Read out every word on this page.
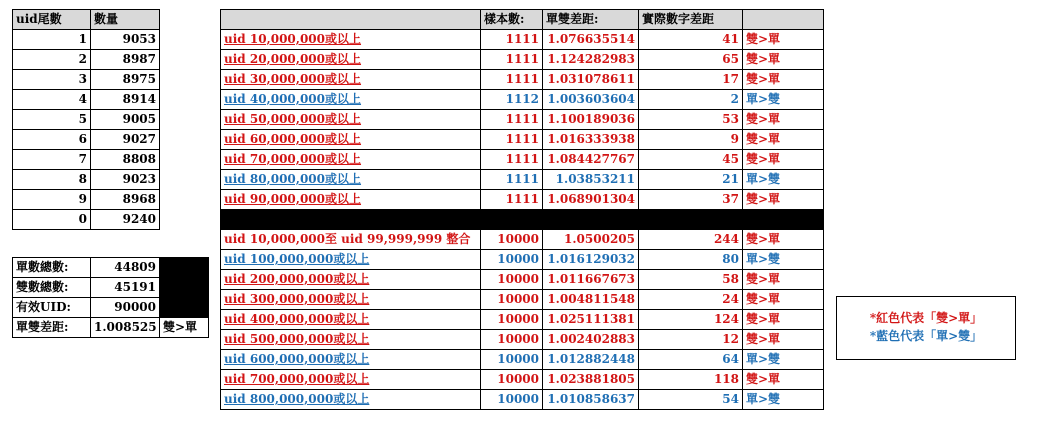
uid尾數	數量
1	9053
2	8987
3	8975
4	8914
5	9005
6	9027
7	8808
8	9023
9	8968
0	9240
單數總數:	44809	
雙數總數:	45191	
有效UID:	90000	
單雙差距:	1.008525	雙>單
	樣本數:	單雙差距:	實際數字差距	
uid 10,000,000或以上	1111	1.076635514	41	雙>單
uid 20,000,000或以上	1111	1.124282983	65	雙>單
uid 30,000,000或以上	1111	1.031078611	17	雙>單
uid 40,000,000或以上	1112	1.003603604	2	單>雙
uid 50,000,000或以上	1111	1.100189036	53	雙>單
uid 60,000,000或以上	1111	1.016333938	9	雙>單
uid 70,000,000或以上	1111	1.084427767	45	雙>單
uid 80,000,000或以上	1111	1.03853211	21	單>雙
uid 90,000,000或以上	1111	1.068901304	37	雙>單

uid 10,000,000至 uid 99,999,999 整合	10000	1.0500205	244	雙>單
uid 100,000,000或以上	10000	1.016129032	80	單>雙
uid 200,000,000或以上	10000	1.011667673	58	雙>單
uid 300,000,000或以上	10000	1.004811548	24	雙>單
uid 400,000,000或以上	10000	1.025111381	124	雙>單
uid 500,000,000或以上	10000	1.002402883	12	雙>單
uid 600,000,000或以上	10000	1.012882448	64	單>雙
uid 700,000,000或以上	10000	1.023881805	118	雙>單
uid 800,000,000或以上	10000	1.010858637	54	單>雙
*紅色代表「雙>單」
*藍色代表「單>雙」
